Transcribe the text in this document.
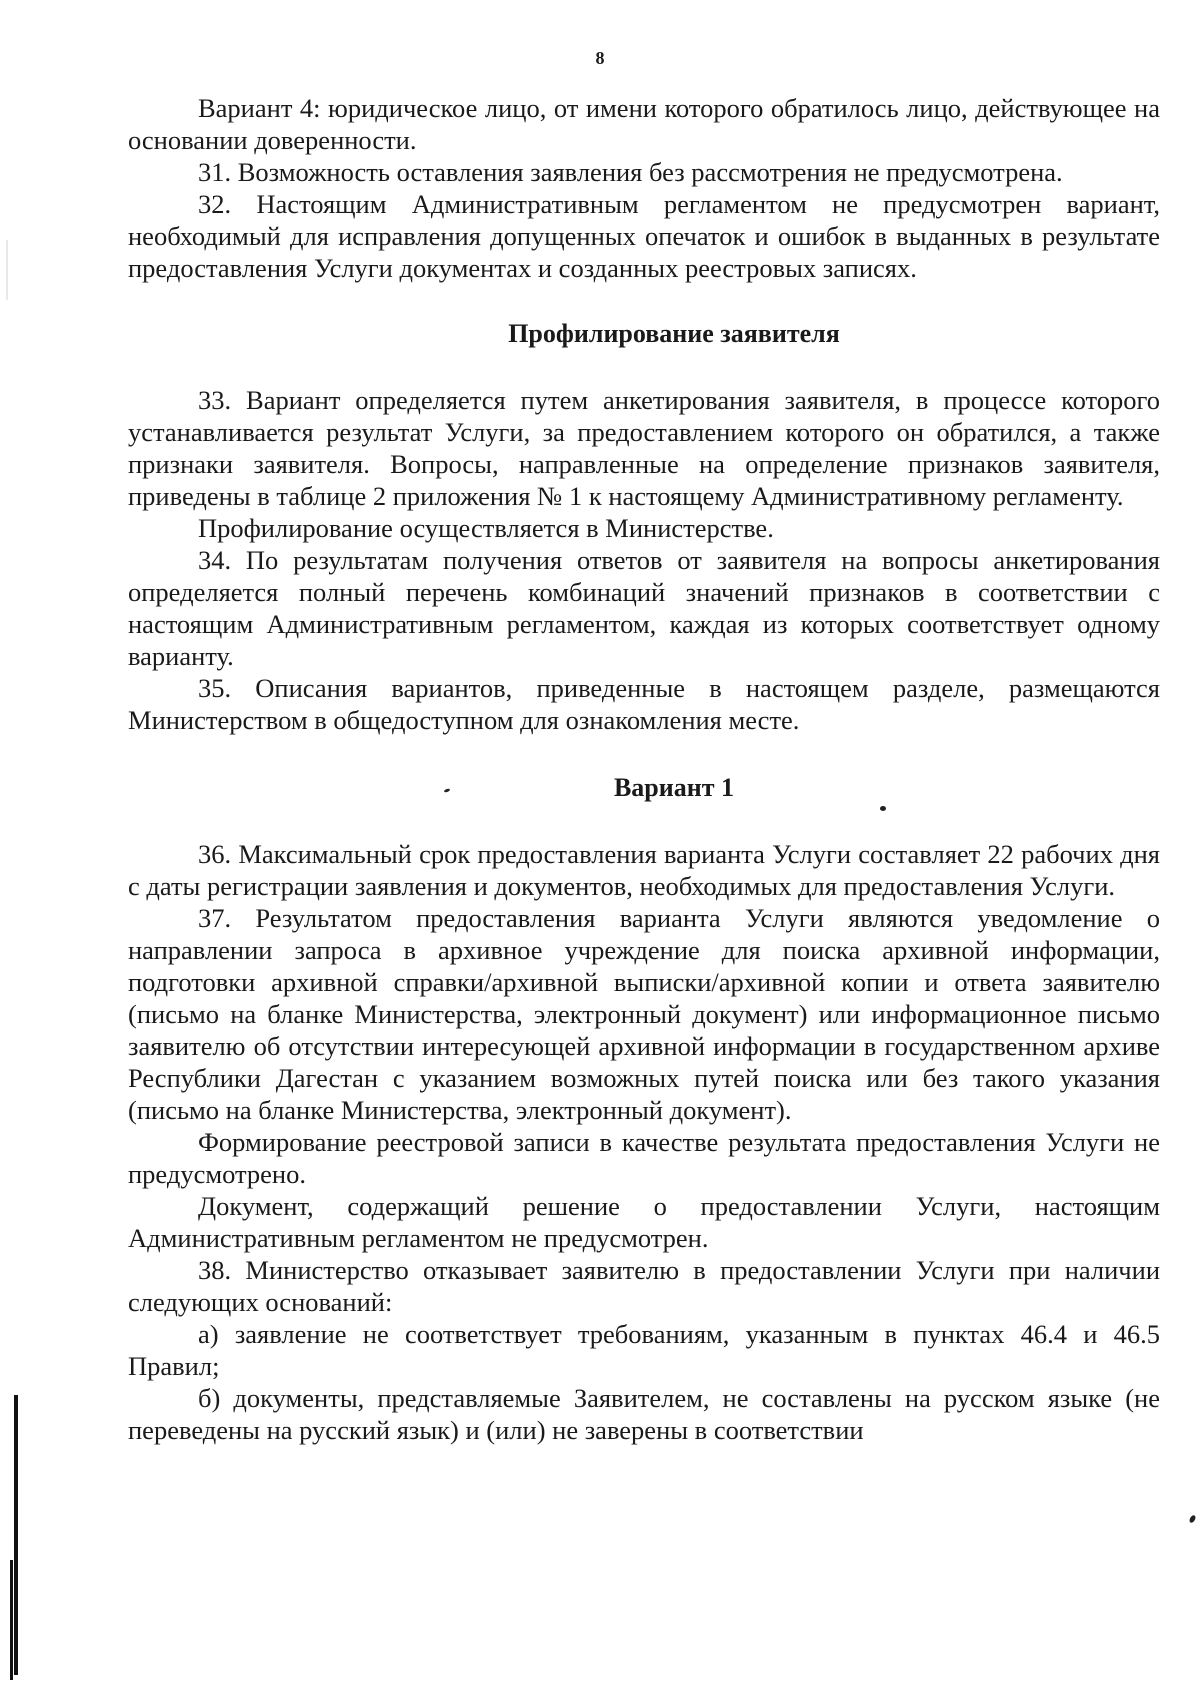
8

Вариант 4: юридическое лицо, от имени которого обратилось лицо, действующее на основании доверенности.

31. Возможность оставления заявления без рассмотрения не предусмотрена.

32. Настоящим Административным регламентом не предусмотрен вариант, необходимый для исправления допущенных опечаток и ошибок в выданных в результате предоставления Услуги документах и созданных реестровых записях.

Профилирование заявителя

33. Вариант определяется путем анкетирования заявителя, в процессе которого устанавливается результат Услуги, за предоставлением которого он обратился, а также признаки заявителя. Вопросы, направленные на определение признаков заявителя, приведены в таблице 2 приложения № 1 к настоящему Административному регламенту.

Профилирование осуществляется в Министерстве.

34. По результатам получения ответов от заявителя на вопросы анкетирования определяется полный перечень комбинаций значений признаков в соответствии с настоящим Административным регламентом, каждая из которых соответствует одному варианту.

35. Описания вариантов, приведенные в настоящем разделе, размещаются Министерством в общедоступном для ознакомления месте.

Вариант 1

36. Максимальный срок предоставления варианта Услуги составляет 22 рабочих дня с даты регистрации заявления и документов, необходимых для предоставления Услуги.

37. Результатом предоставления варианта Услуги являются уведомление о направлении запроса в архивное учреждение для поиска архивной информации, подготовки архивной справки/архивной выписки/архивной копии и ответа заявителю (письмо на бланке Министерства, электронный документ) или информационное письмо заявителю об отсутствии интересующей архивной информации в государственном архиве Республики Дагестан с указанием возможных путей поиска или без такого указания (письмо на бланке Министерства, электронный документ).

Формирование реестровой записи в качестве результата предоставления Услуги не предусмотрено.

Документ, содержащий решение о предоставлении Услуги, настоящим Административным регламентом не предусмотрен.

38. Министерство отказывает заявителю в предоставлении Услуги при наличии следующих оснований:

а) заявление не соответствует требованиям, указанным в пунктах 46.4 и 46.5 Правил;

б) документы, представляемые Заявителем, не составлены на русском языке (не переведены на русский язык) и (или) не заверены в соответствии
